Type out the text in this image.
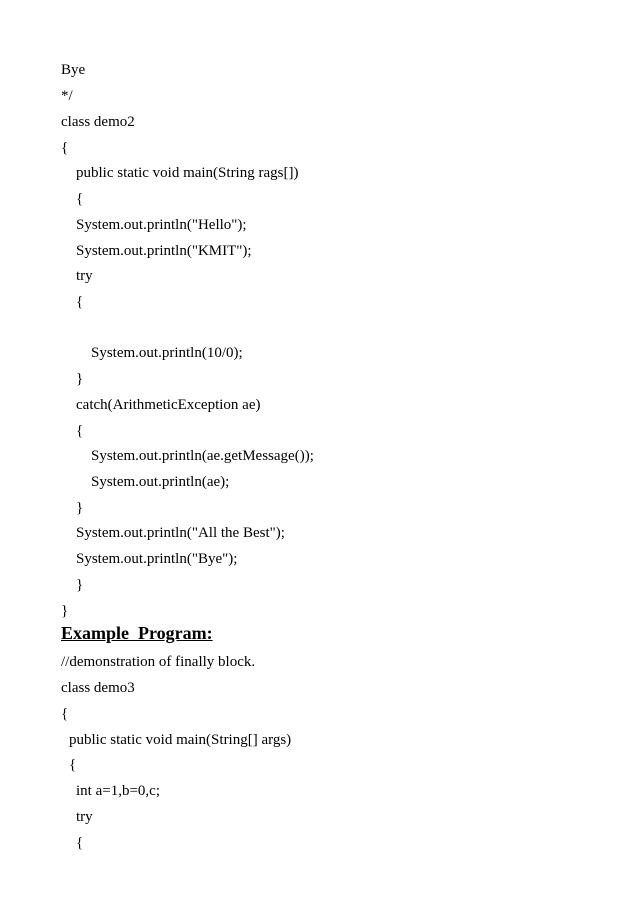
Bye
*/
class demo2
{
public static void main(String rags[])
{
System.out.println("Hello");
System.out.println("KMIT");
try
{
System.out.println(10/0);
}
catch(ArithmeticException ae)
{
System.out.println(ae.getMessage());
System.out.println(ae);
}
System.out.println("All the Best");
System.out.println("Bye");
}
}
Example  Program:
//demonstration of finally block.
class demo3
{
public static void main(String[] args)
{
int a=1,b=0,c;
try
{
